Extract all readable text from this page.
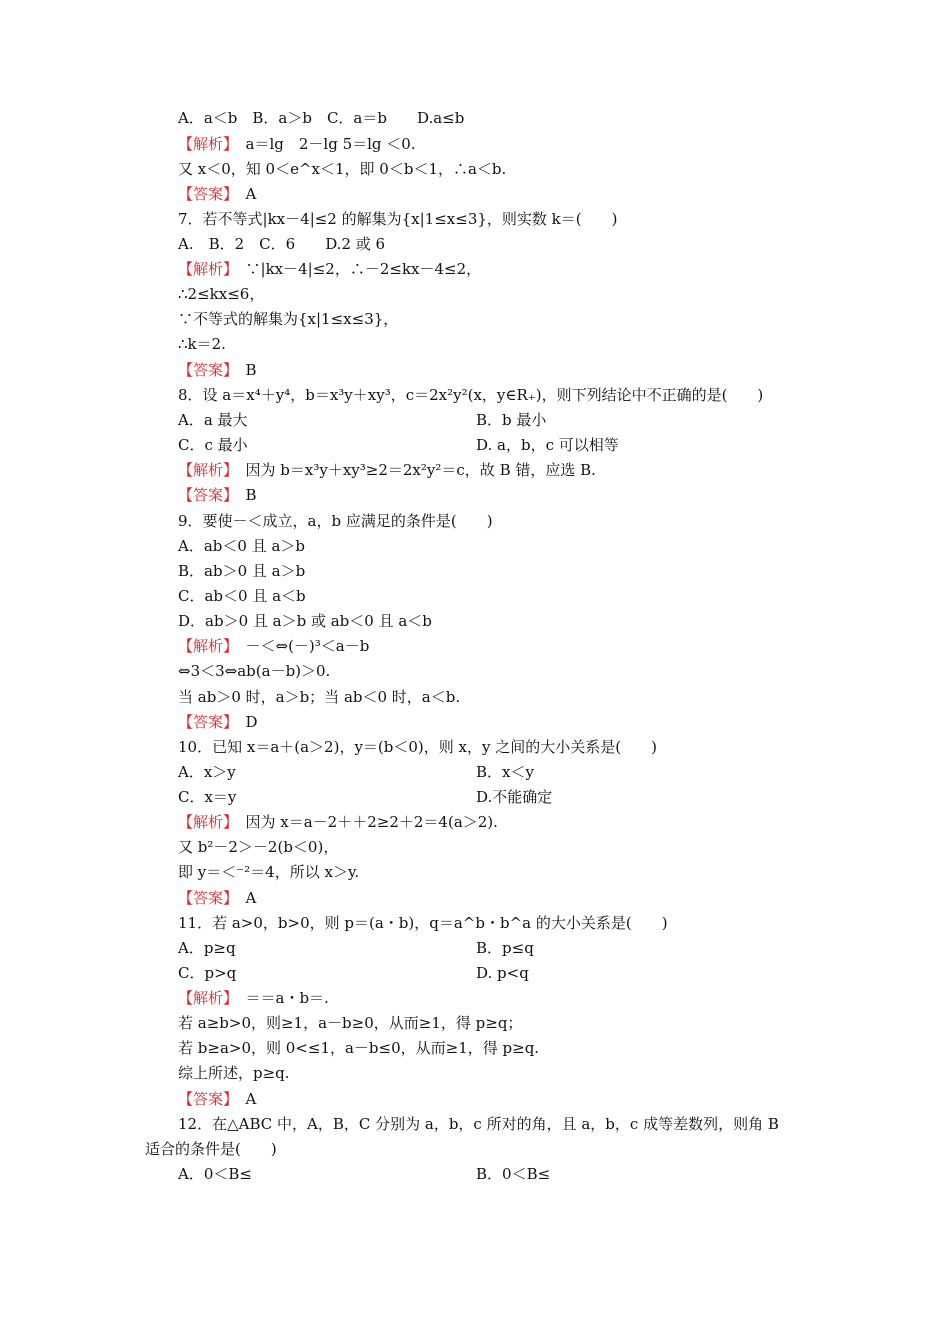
A．a＜b　B．a＞b　C．a＝b　　D.a≤b
【解析】　a＝lg　2－lg 5＝lg ＜0.
又 x＜0，知 0＜e^x＜1，即 0＜b＜1，∴a＜b.
【答案】　A
7．若不等式|kx－4|≤2 的解集为{x|1≤x≤3}，则实数 k＝(　　)
A.　B．2　C．6　　D.2 或 6
【解析】　∵|kx－4|≤2，∴－2≤kx－4≤2，
∴2≤kx≤6，
∵不等式的解集为{x|1≤x≤3}，
∴k＝2.
【答案】　B
8．设 a＝x⁴＋y⁴，b＝x³y＋xy³，c＝2x²y²(x，y∈R₊)，则下列结论中不正确的是(　　)
A．a 最大	B．b 最小
C．c 最小	D. a，b，c 可以相等
【解析】　因为 b＝x³y＋xy³≥2＝2x²y²＝c，故 B 错，应选 B.
【答案】　B
9．要使－＜成立，a，b 应满足的条件是(　　)
A．ab＜0 且 a＞b
B．ab＞0 且 a＞b
C．ab＜0 且 a＜b
D．ab＞0 且 a＞b 或 ab＜0 且 a＜b
【解析】　－＜⇔(－)³＜a－b
⇔3＜3⇔ab(a－b)＞0.
当 ab＞0 时，a＞b；当 ab＜0 时，a＜b.
【答案】　D
10．已知 x＝a＋(a＞2)，y＝(b＜0)，则 x，y 之间的大小关系是(　　)
A．x＞y	B．x＜y
C．x＝y	D.不能确定
【解析】　因为 x＝a－2＋＋2≥2＋2＝4(a＞2).
又 b²－2＞－2(b＜0)，
即 y＝＜⁻²＝4，所以 x＞y.
【答案】　A
11．若 a>0，b>0，则 p＝(a・b)，q＝a^b・b^a 的大小关系是(　　)
A．p≥q	B．p≤q
C．p>q	D. p<q
【解析】　＝＝a・b＝.
若 a≥b>0，则≥1，a－b≥0，从而≥1，得 p≥q；
若 b≥a>0，则 0<≤1，a－b≤0，从而≥1，得 p≥q.
综上所述，p≥q.
【答案】　A
12．在△ABC 中，A，B，C 分别为 a，b，c 所对的角，且 a，b，c 成等差数列，则角 B
适合的条件是(　　)
A．0＜B≤	B．0＜B≤
